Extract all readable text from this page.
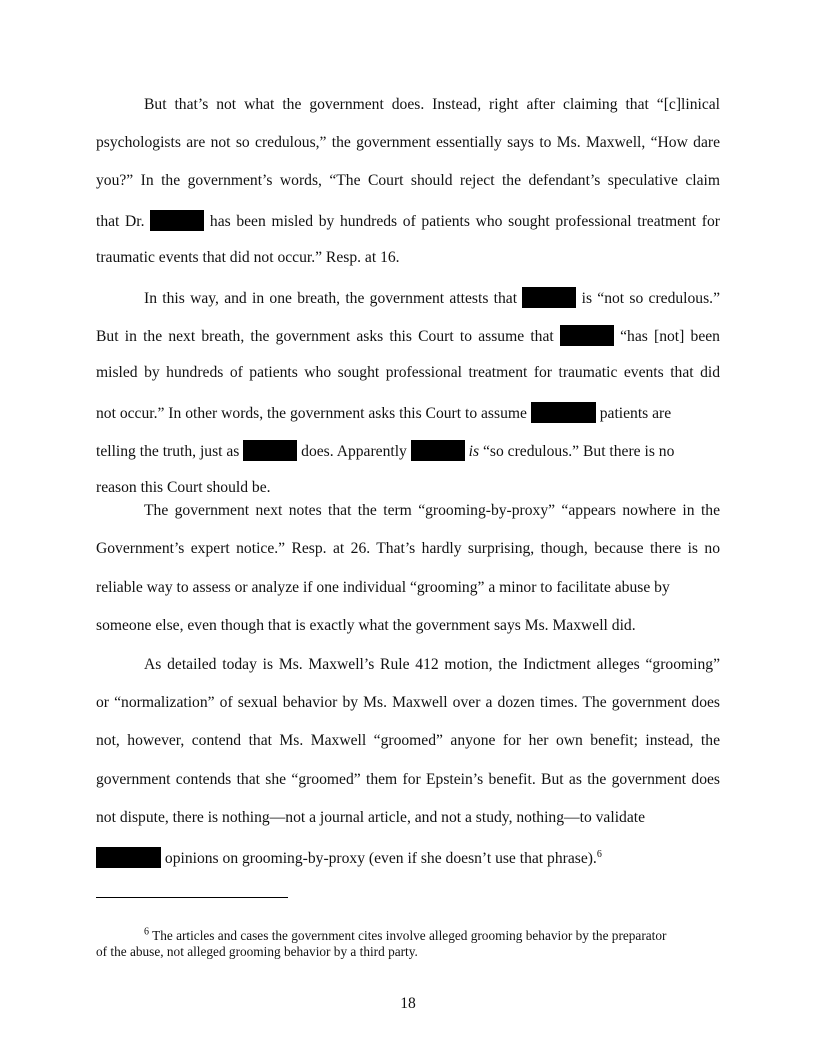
But that’s not what the government does. Instead, right after claiming that “[c]linical
psychologists are not so credulous,” the government essentially says to Ms. Maxwell, “How dare
you?” In the government’s words, “The Court should reject the defendant’s speculative claim
that Dr.	has been misled by hundreds of patients who sought professional treatment for
traumatic events that did not occur.” Resp. at 16.
In this way, and in one breath, the government attests that	is “not so credulous.”
But in the next breath, the government asks this Court to assume that	“has [not] been
misled by hundreds of patients who sought professional treatment for traumatic events that did
not occur.” In other words, the government asks this Court to assume	patients are
telling the truth, just as	does. Apparently	is “so credulous.” But there is no
reason this Court should be.
The government next notes that the term “grooming-by-proxy” “appears nowhere in the
Government’s expert notice.” Resp. at 26. That’s hardly surprising, though, because there is no
reliable way to assess or analyze if one individual “grooming” a minor to facilitate abuse by
someone else, even though that is exactly what the government says Ms. Maxwell did.
As detailed today is Ms. Maxwell’s Rule 412 motion, the Indictment alleges “grooming”
or “normalization” of sexual behavior by Ms. Maxwell over a dozen times. The government does
not, however, contend that Ms. Maxwell “groomed” anyone for her own benefit; instead, the
government contends that she “groomed” them for Epstein’s benefit. But as the government does
not dispute, there is nothing—not a journal article, and not a study, nothing—to validate
opinions on grooming-by-proxy (even if she doesn’t use that phrase).$^6$
$^6$ The articles and cases the government cites involve alleged grooming behavior by the preparator
of the abuse, not alleged grooming behavior by a third party.
18
